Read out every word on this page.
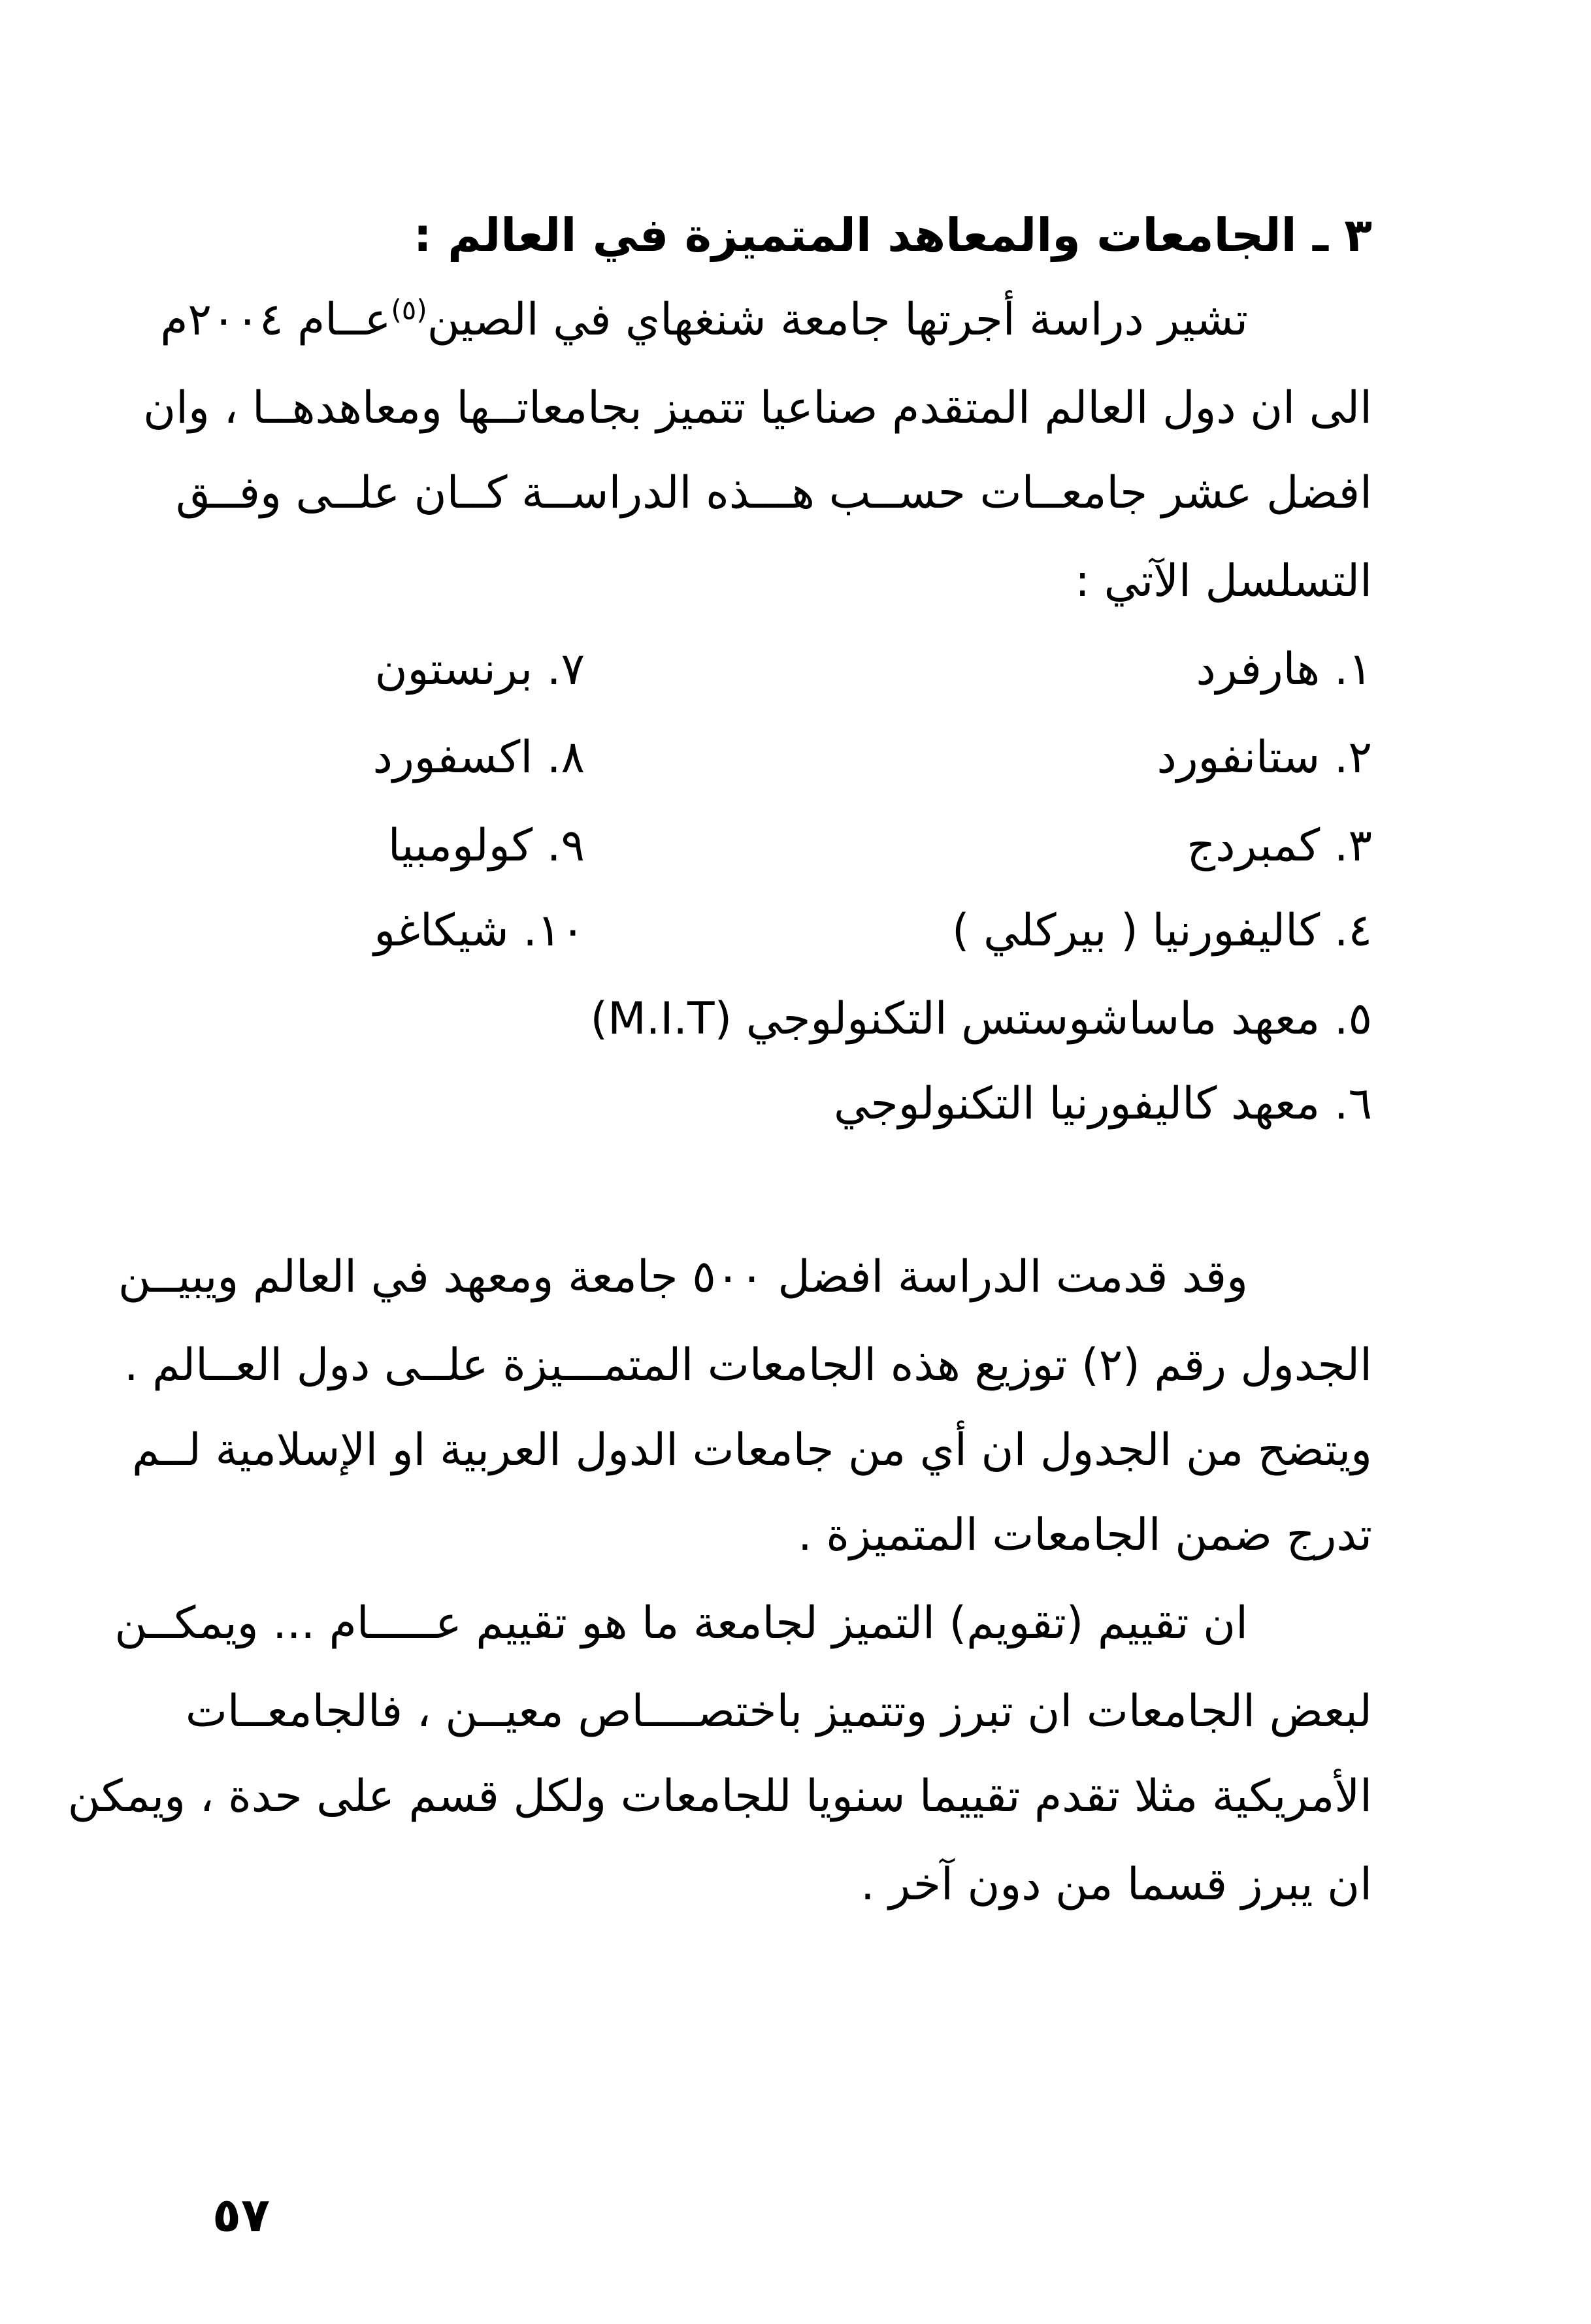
٣ ـ الجامعات والمعاهد المتميزة في العالم :
تشير دراسة أجرتها جامعة شنغهاي في الصين$^{(٥)}$عــام ٢٠٠٤م
الى ان دول العالم المتقدم صناعيا تتميز بجامعاتــها ومعاهدهــا ، وان
افضل عشر جامعــات حســب هـــذه الدراســة كــان علــى وفــق
التسلسل الآتي :
١. هارفرد
٢. ستانفورد
٣. كمبردج
٤. كاليفورنيا ( بيركلي )
٥. معهد ماساشوستس التكنولوجي (M.I.T)
٦. معهد كاليفورنيا التكنولوجي
٧. برنستون
٨. اكسفورد
٩. كولومبيا
١٠. شيكاغو
وقد قدمت الدراسة افضل ٥٠٠ جامعة ومعهد في العالم ويبيــن
الجدول رقم (٢) توزيع هذه الجامعات المتمـــيزة علــى دول العــالم .
ويتضح من الجدول ان أي من جامعات الدول العربية او الإسلامية لــم
تدرج ضمن الجامعات المتميزة .
ان تقييم (تقويم) التميز لجامعة ما هو تقييم عـــــام ... ويمكــن
لبعض الجامعات ان تبرز وتتميز باختصــــاص معيــن ، فالجامعــات
الأمريكية مثلا تقدم تقييما سنويا للجامعات ولكل قسم على حدة ، ويمكن
ان يبرز قسما من دون آخر .
٥٧
